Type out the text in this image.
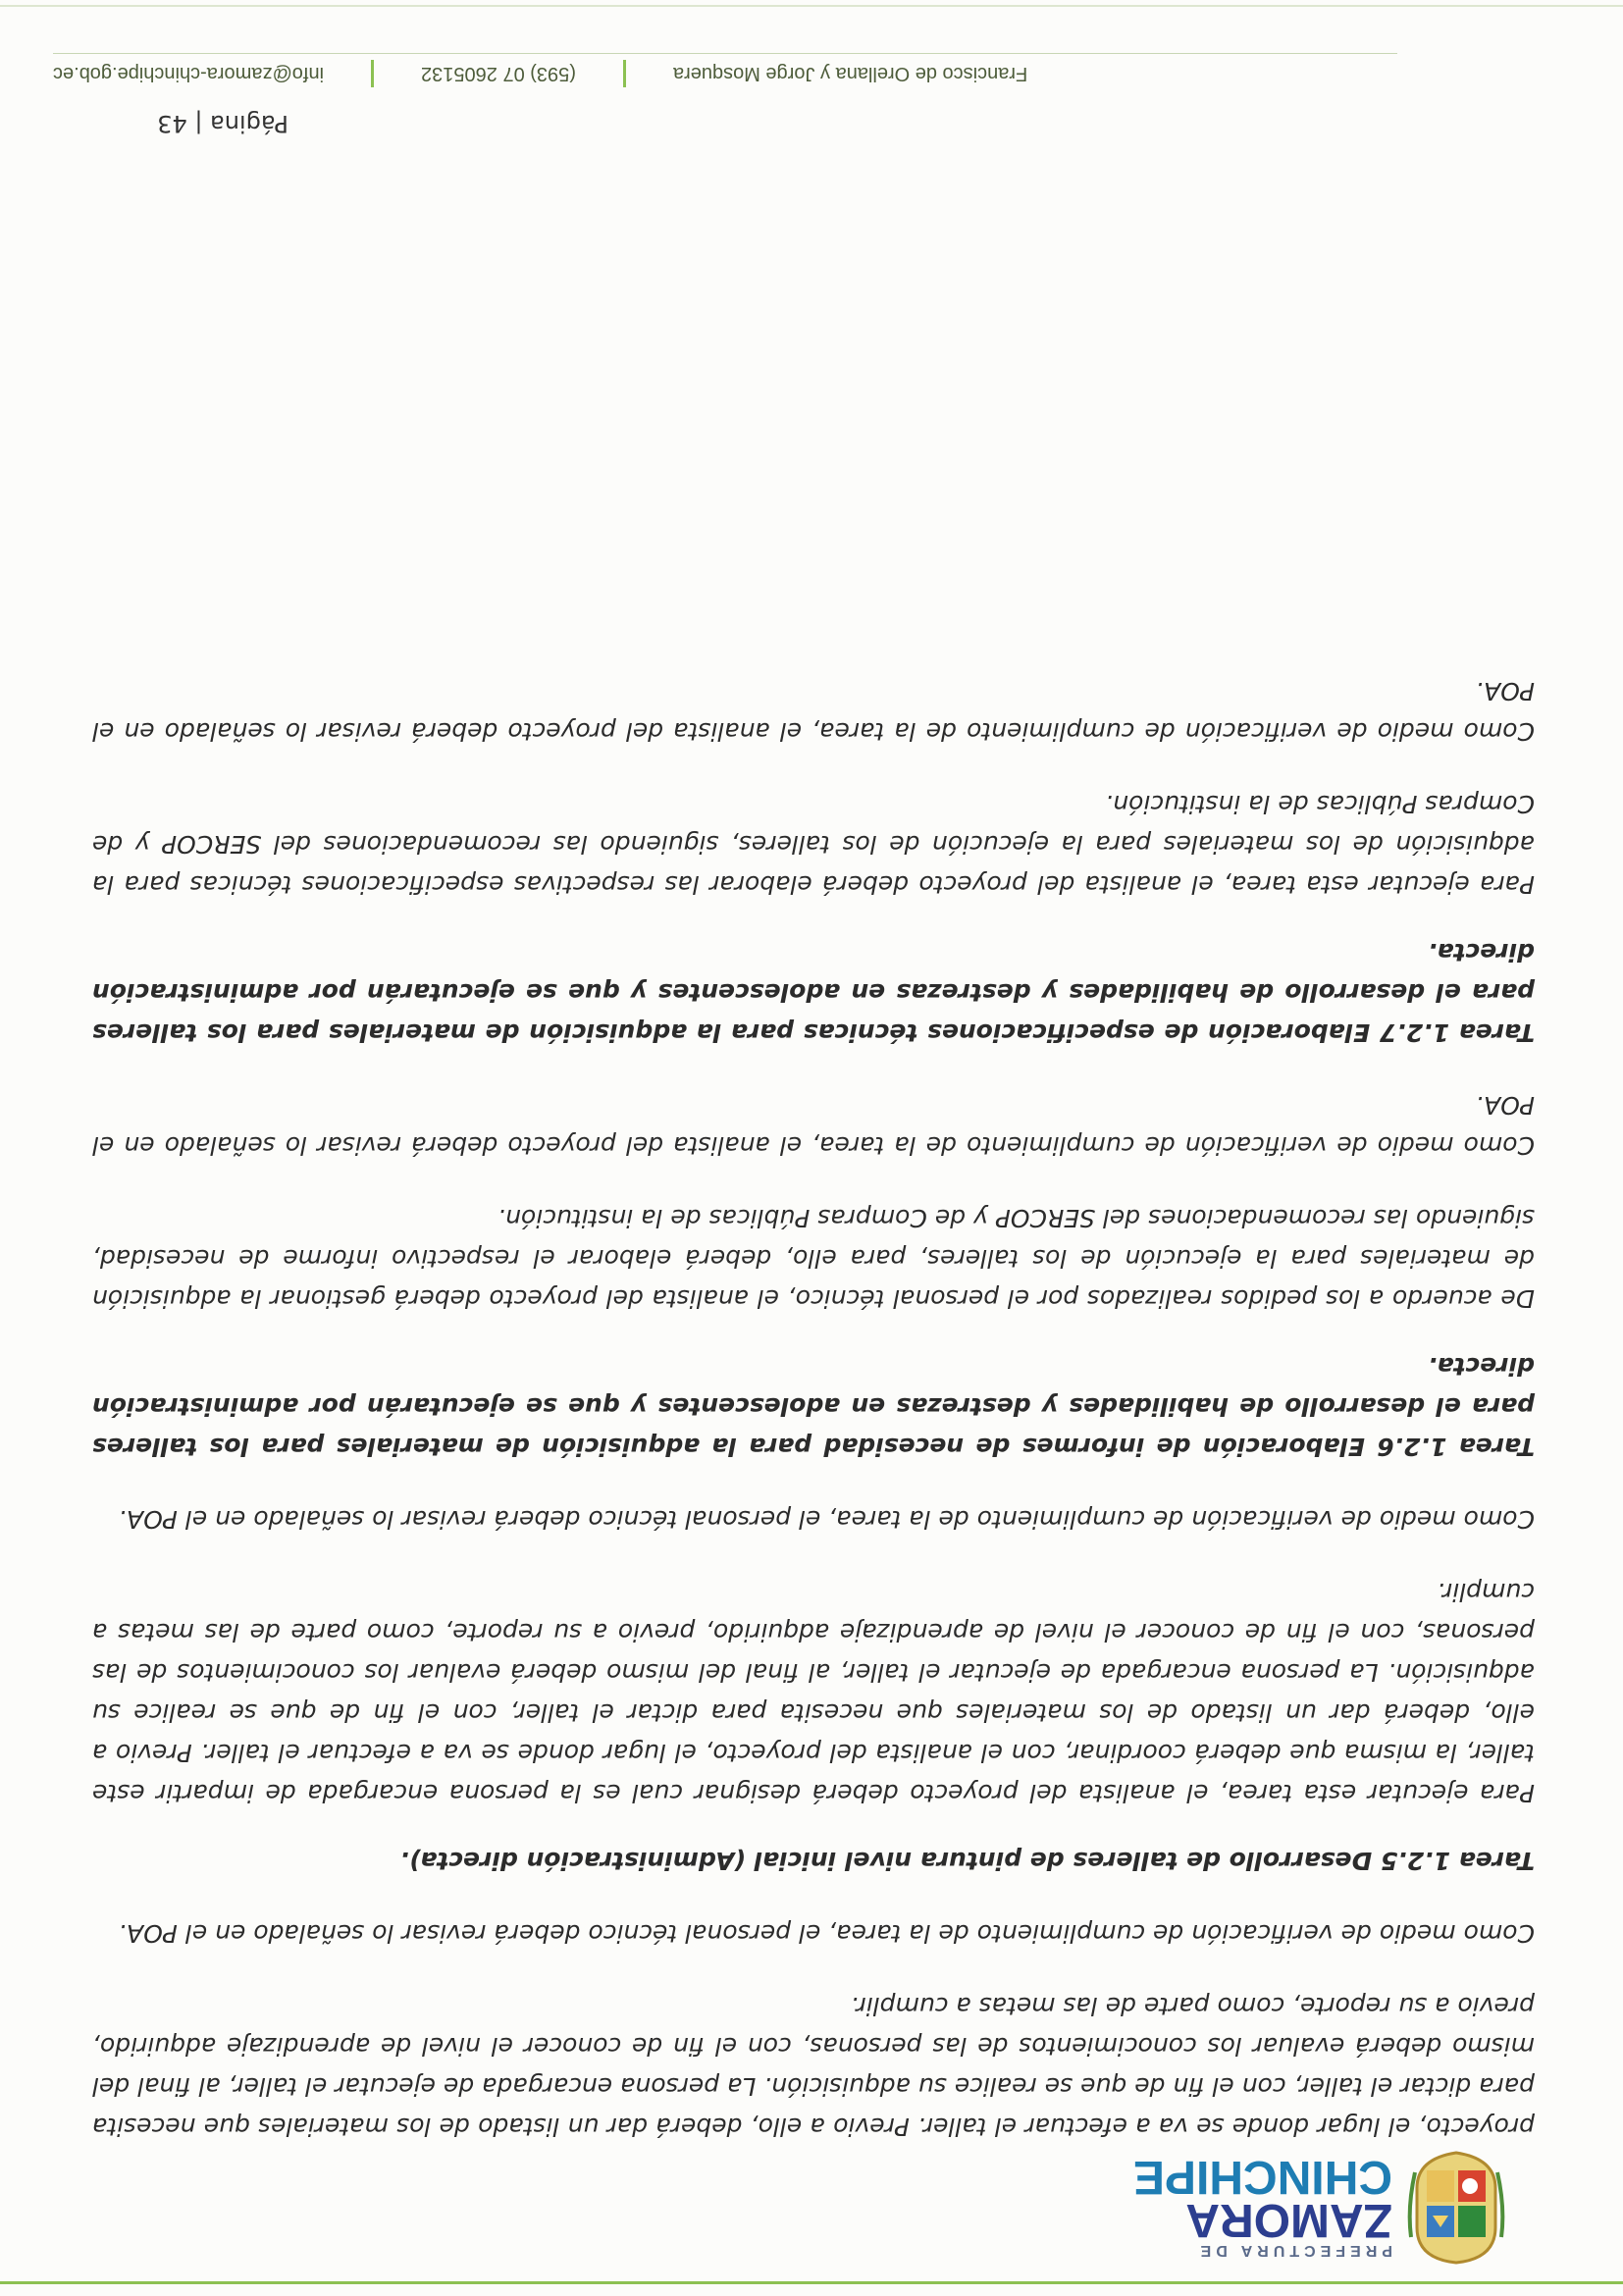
PREFECTURA DE
ZAMORA
CHINCHIPE

proyecto, el lugar donde se va a efectuar el taller. Previo a ello, deberá dar un listado de los materiales que necesita para dictar el taller, con el fin de que se realice su adquisición. La persona encargada de ejecutar el taller, al final del mismo deberá evaluar los conocimientos de las personas, con el fin de conocer el nivel de aprendizaje adquirido, previo a su reporte, como parte de las metas a cumplir.

Como medio de verificación de cumplimiento de la tarea, el personal técnico deberá revisar lo señalado en el POA.

Tarea 1.2.5 Desarrollo de talleres de pintura nivel inicial (Administración directa).

Para ejecutar esta tarea, el analista del proyecto deberá designar cual es la persona encargada de impartir este taller, la misma que deberá coordinar, con el analista del proyecto, el lugar donde se va a efectuar el taller. Previo a ello, deberá dar un listado de los materiales que necesita para dictar el taller, con el fin de que se realice su adquisición. La persona encargada de ejecutar el taller, al final del mismo deberá evaluar los conocimientos de las personas, con el fin de conocer el nivel de aprendizaje adquirido, previo a su reporte, como parte de las metas a cumplir.

Como medio de verificación de cumplimiento de la tarea, el personal técnico deberá revisar lo señalado en el POA.

Tarea 1.2.6 Elaboración de informes de necesidad para la adquisición de materiales para los talleres para el desarrollo de habilidades y destrezas en adolescentes y que se ejecutarán por administración directa.

De acuerdo a los pedidos realizados por el personal técnico, el analista del proyecto deberá gestionar la adquisición de materiales para la ejecución de los talleres, para ello, deberá elaborar el respectivo informe de necesidad, siguiendo las recomendaciones del SERCOP y de Compras Públicas de la institución.

Como medio de verificación de cumplimiento de la tarea, el analista del proyecto deberá revisar lo señalado en el POA.

Tarea 1.2.7 Elaboración de especificaciones técnicas para la adquisición de materiales para los talleres para el desarrollo de habilidades y destrezas en adolescentes y que se ejecutarán por administración directa.

Para ejecutar esta tarea, el analista del proyecto deberá elaborar las respectivas especificaciones técnicas para la adquisición de los materiales para la ejecución de los talleres, siguiendo las recomendaciones del SERCOP y de Compras Públicas de la institución.

Como medio de verificación de cumplimiento de la tarea, el analista del proyecto deberá revisar lo señalado en el POA.

Página | 43
Francisco de Orellana y Jorge Mosquera
(593) 07 2605132
info@zamora-chinchipe.gob.ec
